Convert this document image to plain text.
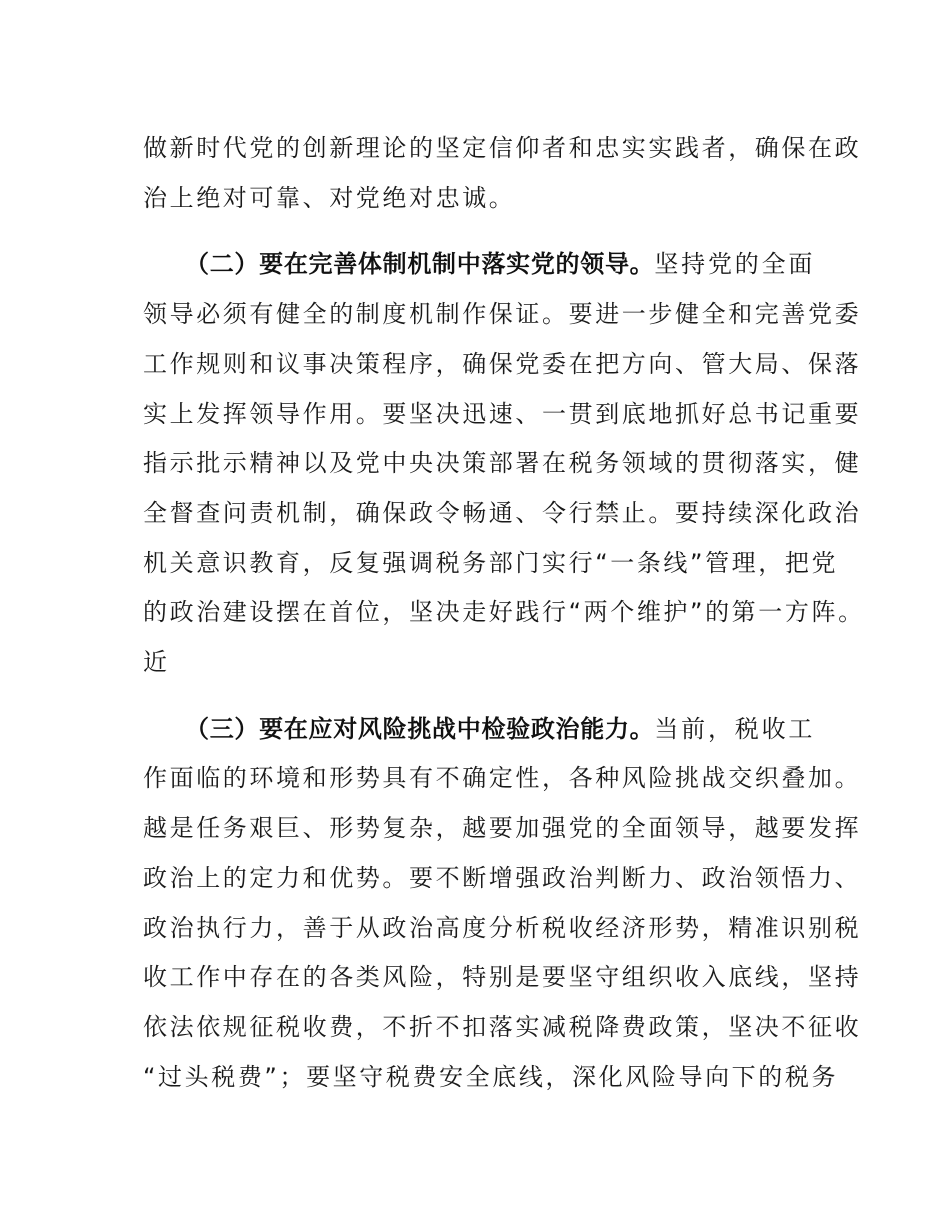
做新时代党的创新理论的坚定信仰者和忠实实践者，确保在政
治上绝对可靠、对党绝对忠诚。

（二）要在完善体制机制中落实党的领导。坚持党的全面
领导必须有健全的制度机制作保证。要进一步健全和完善党委
工作规则和议事决策程序，确保党委在把方向、管大局、保落
实上发挥领导作用。要坚决迅速、一贯到底地抓好总书记重要
指示批示精神以及党中央决策部署在税务领域的贯彻落实，健
全督查问责机制，确保政令畅通、令行禁止。要持续深化政治
机关意识教育，反复强调税务部门实行“一条线”管理，把党
的政治建设摆在首位，坚决走好践行“两个维护”的第一方阵。
近

（三）要在应对风险挑战中检验政治能力。当前，税收工
作面临的环境和形势具有不确定性，各种风险挑战交织叠加。
越是任务艰巨、形势复杂，越要加强党的全面领导，越要发挥
政治上的定力和优势。要不断增强政治判断力、政治领悟力、
政治执行力，善于从政治高度分析税收经济形势，精准识别税
收工作中存在的各类风险，特别是要坚守组织收入底线，坚持
依法依规征税收费，不折不扣落实减税降费政策，坚决不征收
“过头税费”；要坚守税费安全底线，深化风险导向下的税务
